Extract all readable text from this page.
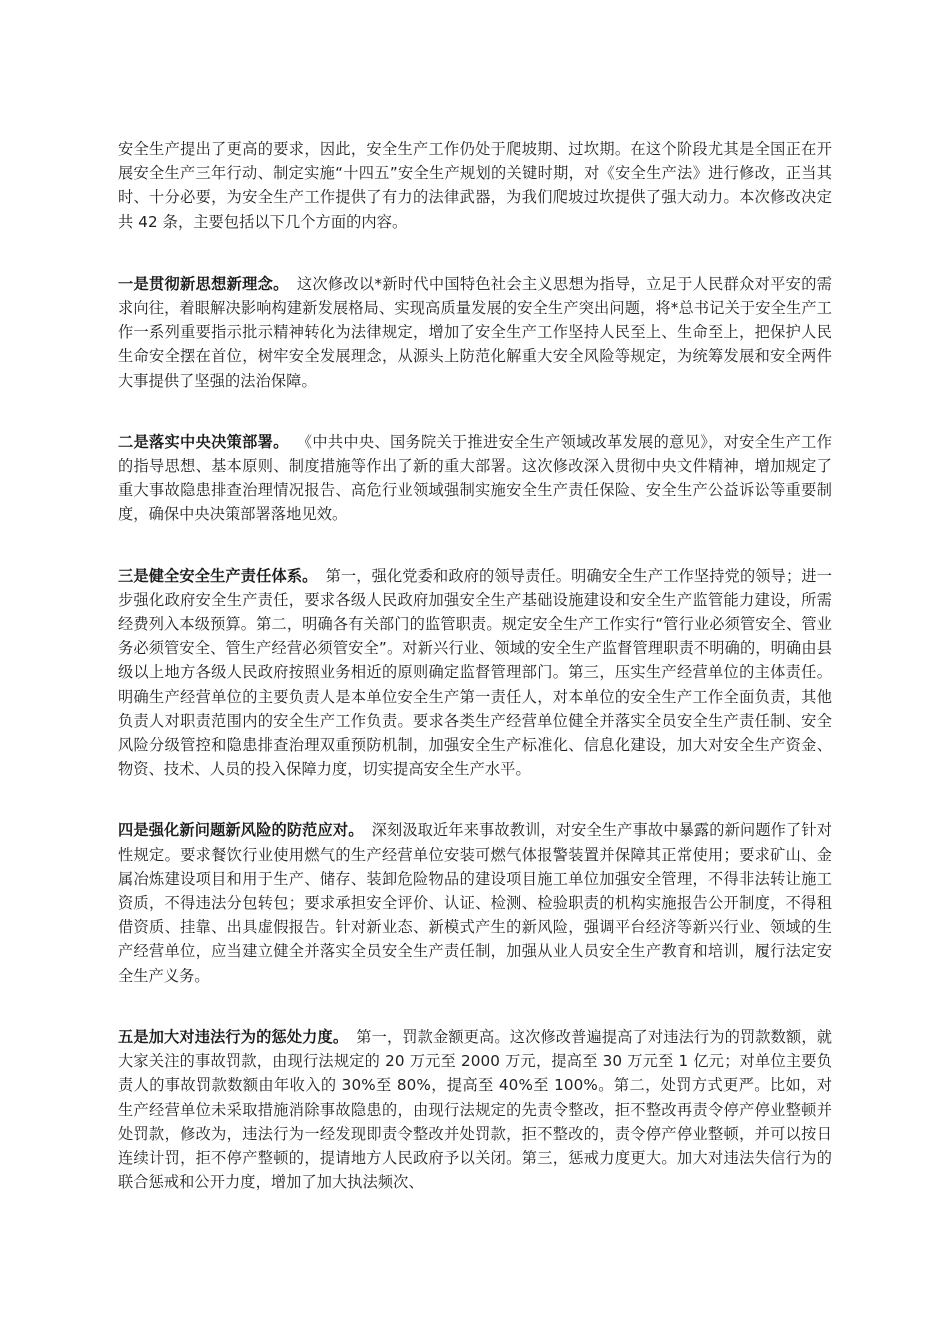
安全生产提出了更高的要求，因此，安全生产工作仍处于爬坡期、过坎期。在这个阶段尤其是全国正在开展安全生产三年行动、制定实施“十四五”安全生产规划的关键时期，对《安全生产法》进行修改，正当其时、十分必要，为安全生产工作提供了有力的法律武器，为我们爬坡过坎提供了强大动力。本次修改决定共 42 条，主要包括以下几个方面的内容。

一是贯彻新思想新理念。 这次修改以*新时代中国特色社会主义思想为指导，立足于人民群众对平安的需求向往，着眼解决影响构建新发展格局、实现高质量发展的安全生产突出问题，将*总书记关于安全生产工作一系列重要指示批示精神转化为法律规定，增加了安全生产工作坚持人民至上、生命至上，把保护人民生命安全摆在首位，树牢安全发展理念，从源头上防范化解重大安全风险等规定，为统筹发展和安全两件大事提供了坚强的法治保障。

二是落实中央决策部署。 《中共中央、国务院关于推进安全生产领域改革发展的意见》，对安全生产工作的指导思想、基本原则、制度措施等作出了新的重大部署。这次修改深入贯彻中央文件精神，增加规定了重大事故隐患排查治理情况报告、高危行业领域强制实施安全生产责任保险、安全生产公益诉讼等重要制度，确保中央决策部署落地见效。

三是健全安全生产责任体系。 第一，强化党委和政府的领导责任。明确安全生产工作坚持党的领导；进一步强化政府安全生产责任，要求各级人民政府加强安全生产基础设施建设和安全生产监管能力建设，所需经费列入本级预算。第二，明确各有关部门的监管职责。规定安全生产工作实行“管行业必须管安全、管业务必须管安全、管生产经营必须管安全”。对新兴行业、领域的安全生产监督管理职责不明确的，明确由县级以上地方各级人民政府按照业务相近的原则确定监督管理部门。第三，压实生产经营单位的主体责任。明确生产经营单位的主要负责人是本单位安全生产第一责任人，对本单位的安全生产工作全面负责，其他负责人对职责范围内的安全生产工作负责。要求各类生产经营单位健全并落实全员安全生产责任制、安全风险分级管控和隐患排查治理双重预防机制，加强安全生产标准化、信息化建设，加大对安全生产资金、物资、技术、人员的投入保障力度，切实提高安全生产水平。

四是强化新问题新风险的防范应对。 深刻汲取近年来事故教训，对安全生产事故中暴露的新问题作了针对性规定。要求餐饮行业使用燃气的生产经营单位安装可燃气体报警装置并保障其正常使用；要求矿山、金属冶炼建设项目和用于生产、储存、装卸危险物品的建设项目施工单位加强安全管理，不得非法转让施工资质，不得违法分包转包；要求承担安全评价、认证、检测、检验职责的机构实施报告公开制度，不得租借资质、挂靠、出具虚假报告。针对新业态、新模式产生的新风险，强调平台经济等新兴行业、领域的生产经营单位，应当建立健全并落实全员安全生产责任制，加强从业人员安全生产教育和培训，履行法定安全生产义务。

五是加大对违法行为的惩处力度。 第一，罚款金额更高。这次修改普遍提高了对违法行为的罚款数额，就大家关注的事故罚款，由现行法规定的 20 万元至 2000 万元，提高至 30 万元至 1 亿元；对单位主要负责人的事故罚款数额由年收入的 30%至 80%，提高至 40%至 100%。第二，处罚方式更严。比如，对生产经营单位未采取措施消除事故隐患的，由现行法规定的先责令整改，拒不整改再责令停产停业整顿并处罚款，修改为，违法行为一经发现即责令整改并处罚款，拒不整改的，责令停产停业整顿，并可以按日连续计罚，拒不停产整顿的，提请地方人民政府予以关闭。第三，惩戒力度更大。加大对违法失信行为的联合惩戒和公开力度，增加了加大执法频次、
